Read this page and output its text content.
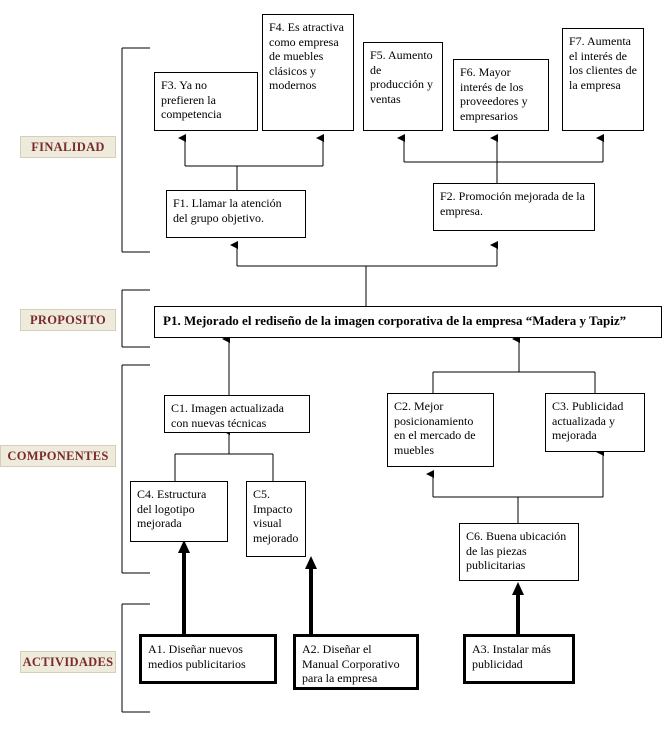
FINALIDAD
PROPOSITO
COMPONENTES
ACTIVIDADES
F3. Ya no prefieren la competencia
F4. Es atractiva como empresa de muebles clásicos y modernos
F5. Aumento de producción y ventas
F6. Mayor interés de los proveedores y empresarios
F7. Aumenta el interés de los clientes de la empresa
F1. Llamar la atención del grupo objetivo.
F2. Promoción mejorada de la empresa.
P1. Mejorado el rediseño de la imagen corporativa de la empresa “Madera y Tapiz”
C1. Imagen actualizada con nuevas técnicas
C2. Mejor posicionamiento en el mercado de muebles
C3. Publicidad actualizada y mejorada
C4. Estructura del logotipo mejorada
C5. Impacto visual mejorado	C6. Buena ubicación de las piezas publicitarias
A1. Diseñar nuevos medios publicitarios
A2. Diseñar el Manual Corporativo para la empresa
A3. Instalar más publicidad
